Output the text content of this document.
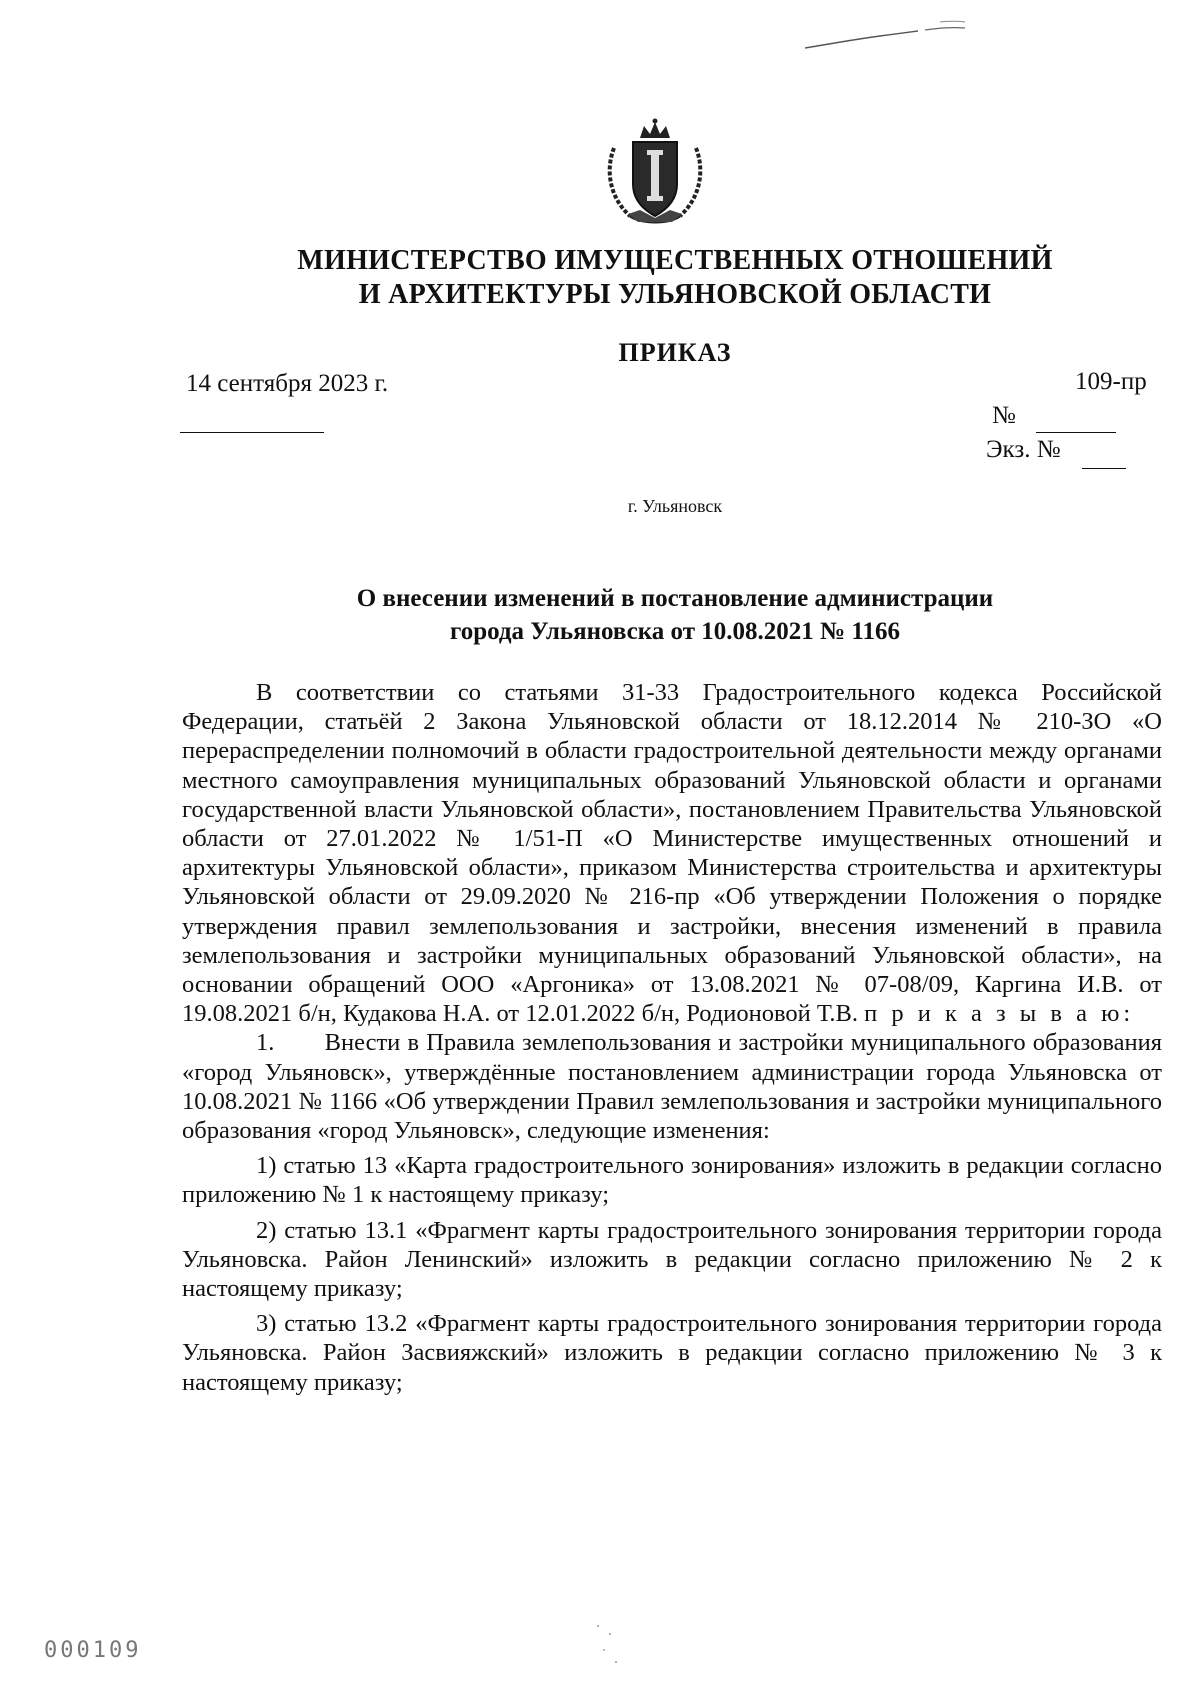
МИНИСТЕРСТВО ИМУЩЕСТВЕННЫХ ОТНОШЕНИЙ
И АРХИТЕКТУРЫ УЛЬЯНОВСКОЙ ОБЛАСТИ
ПРИКАЗ
14 сентября 2023 г.	109-пр
№
Экз. №
г. Ульяновск
О внесении изменений в постановление администрации
города Ульяновска от 10.08.2021 № 1166

В соответствии со статьями 31-33 Градостроительного кодекса Российской Федерации, статьёй 2 Закона Ульяновской области от 18.12.2014 № 210-ЗО «О перераспределении полномочий в области градостроительной деятельности между органами местного самоуправления муниципальных образований Ульяновской области и органами государственной власти Ульяновской области», постановлением Правительства Ульяновской области от 27.01.2022 № 1/51-П «О Министерстве имущественных отношений и архитектуры Ульяновской области», приказом Министерства строительства и архитектуры Ульяновской области от 29.09.2020 № 216-пр «Об утверждении Положения о порядке утверждения правил землепользования и застройки, внесения изменений в правила землепользования и застройки муниципальных образований Ульяновской области», на основании обращений ООО «Аргоника» от 13.08.2021 № 07-08/09, Каргина И.В. от 19.08.2021 б/н, Кудакова Н.А. от 12.01.2022 б/н, Родионовой Т.В. п р и к а з ы в а ю:

1.       Внести в Правила землепользования и застройки муниципального образования «город Ульяновск», утверждённые постановлением администрации города Ульяновска от 10.08.2021 № 1166 «Об утверждении Правил землепользования и застройки муниципального образования «город Ульяновск», следующие изменения:

1) статью 13 «Карта градостроительного зонирования» изложить в редакции согласно приложению № 1 к настоящему приказу;

2) статью 13.1 «Фрагмент карты градостроительного зонирования территории города Ульяновска. Район Ленинский» изложить в редакции согласно приложению № 2 к настоящему приказу;

3) статью 13.2 «Фрагмент карты градостроительного зонирования территории города Ульяновска. Район Засвияжский» изложить в редакции согласно приложению № 3 к настоящему приказу;

000109
